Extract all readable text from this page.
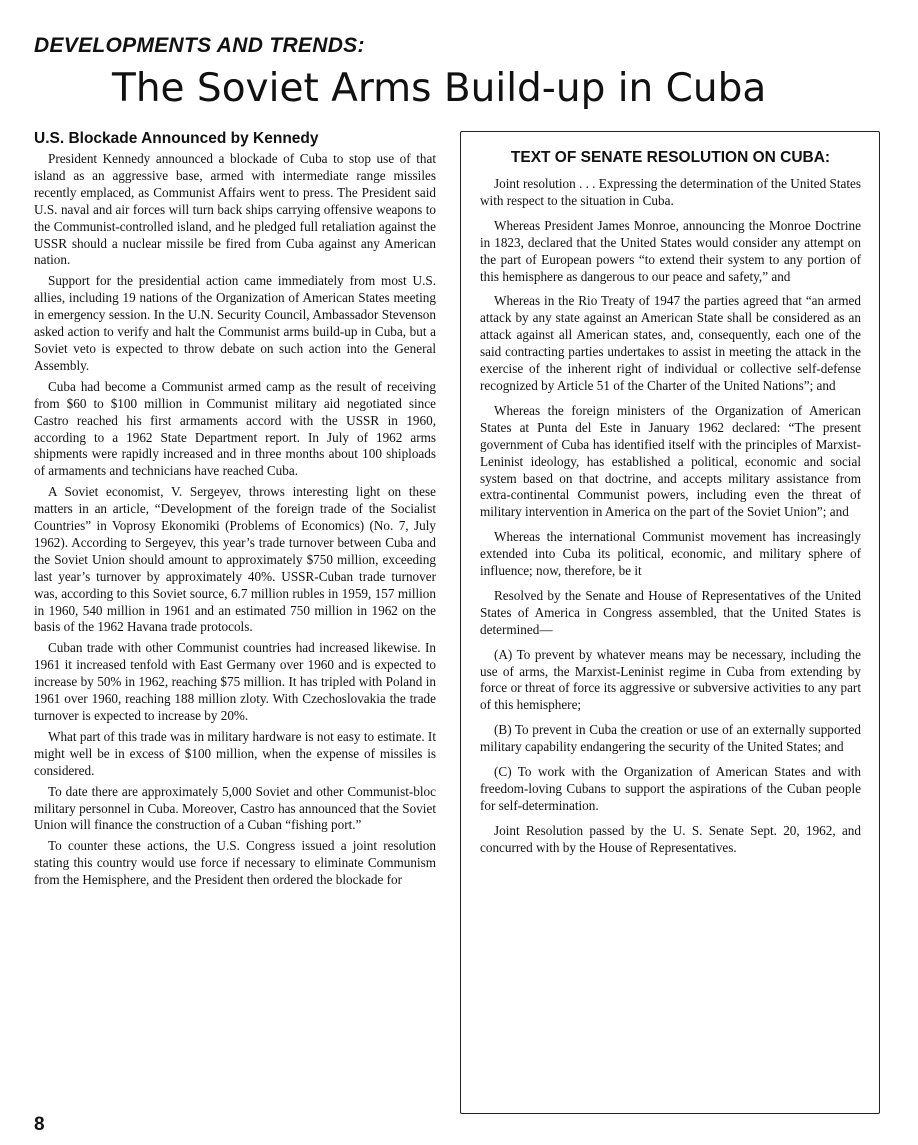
DEVELOPMENTS AND TRENDS:
The Soviet Arms Build-up in Cuba
U.S. Blockade Announced by Kennedy

President Kennedy announced a blockade of Cuba to stop use of that island as an aggressive base, armed with intermediate range missiles recently emplaced, as Communist Affairs went to press. The President said U.S. naval and air forces will turn back ships carrying offensive weapons to the Communist-controlled island, and he pledged full retaliation against the USSR should a nuclear missile be fired from Cuba against any American nation.

Support for the presidential action came immediately from most U.S. allies, including 19 nations of the Organization of American States meeting in emergency session. In the U.N. Security Council, Ambassador Stevenson asked action to verify and halt the Communist arms build-up in Cuba, but a Soviet veto is expected to throw debate on such action into the General Assembly.

Cuba had become a Communist armed camp as the result of receiving from $60 to $100 million in Communist military aid negotiated since Castro reached his first armaments accord with the USSR in 1960, according to a 1962 State Department report. In July of 1962 arms shipments were rapidly increased and in three months about 100 shiploads of armaments and technicians have reached Cuba.

A Soviet economist, V. Sergeyev, throws interesting light on these matters in an article, “Development of the foreign trade of the Socialist Countries” in Voprosy Ekonomiki (Problems of Economics) (No. 7, July 1962). According to Sergeyev, this year’s trade turnover between Cuba and the Soviet Union should amount to approximately $750 million, exceeding last year’s turnover by approximately 40%. USSR-Cuban trade turnover was, according to this Soviet source, 6.7 million rubles in 1959, 157 million in 1960, 540 million in 1961 and an estimated 750 million in 1962 on the basis of the 1962 Havana trade protocols.

Cuban trade with other Communist countries had increased likewise. In 1961 it increased tenfold with East Germany over 1960 and is expected to increase by 50% in 1962, reaching $75 million. It has tripled with Poland in 1961 over 1960, reaching 188 million zloty. With Czechoslovakia the trade turnover is expected to increase by 20%.

What part of this trade was in military hardware is not easy to estimate. It might well be in excess of $100 million, when the expense of missiles is considered.

To date there are approximately 5,000 Soviet and other Communist-bloc military personnel in Cuba. Moreover, Castro has announced that the Soviet Union will finance the construction of a Cuban “fishing port.”

To counter these actions, the U.S. Congress issued a joint resolution stating this country would use force if necessary to eliminate Communism from the Hemisphere, and the President then ordered the blockade for

TEXT OF SENATE RESOLUTION ON CUBA:

Joint resolution . . . Expressing the determination of the United States with respect to the situation in Cuba.

Whereas President James Monroe, announcing the Monroe Doctrine in 1823, declared that the United States would consider any attempt on the part of European powers “to extend their system to any portion of this hemisphere as dangerous to our peace and safety,” and

Whereas in the Rio Treaty of 1947 the parties agreed that “an armed attack by any state against an American State shall be considered as an attack against all American states, and, consequently, each one of the said contracting parties undertakes to assist in meeting the attack in the exercise of the inherent right of individual or collective self-defense recognized by Article 51 of the Charter of the United Nations”; and

Whereas the foreign ministers of the Organization of American States at Punta del Este in January 1962 declared: “The present government of Cuba has identified itself with the principles of Marxist-Leninist ideology, has established a political, economic and social system based on that doctrine, and accepts military assistance from extra-continental Communist powers, including even the threat of military intervention in America on the part of the Soviet Union”; and

Whereas the international Communist movement has increasingly extended into Cuba its political, economic, and military sphere of influence; now, therefore, be it

Resolved by the Senate and House of Representatives of the United States of America in Congress assembled, that the United States is determined—

(A) To prevent by whatever means may be necessary, including the use of arms, the Marxist-Leninist regime in Cuba from extending by force or threat of force its aggressive or subversive activities to any part of this hemisphere;

(B) To prevent in Cuba the creation or use of an externally supported military capability endangering the security of the United States; and

(C) To work with the Organization of American States and with freedom-loving Cubans to support the aspirations of the Cuban people for self-determination.

Joint Resolution passed by the U. S. Senate Sept. 20, 1962, and concurred with by the House of Representatives.

8
